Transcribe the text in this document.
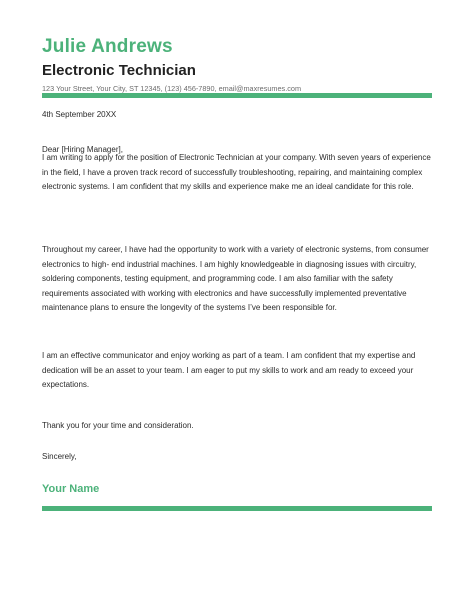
Julie Andrews
Electronic Technician
123 Your Street, Your City, ST 12345, (123) 456-7890, email@maxresumes.com
4th September 20XX
Dear [Hiring Manager],

I am writing to apply for the position of Electronic Technician at your company. With seven years of experience in the field, I have a proven track record of successfully troubleshooting, repairing, and maintaining complex electronic systems. I am confident that my skills and experience make me an ideal candidate for this role.

Throughout my career, I have had the opportunity to work with a variety of electronic systems, from consumer electronics to high- end industrial machines. I am highly knowledgeable in diagnosing issues with circuitry, soldering components, testing equipment, and programming code. I am also familiar with the safety requirements associated with working with electronics and have successfully implemented preventative maintenance plans to ensure the longevity of the systems I’ve been responsible for.

I am an effective communicator and enjoy working as part of a team. I am confident that my expertise and dedication will be an asset to your team. I am eager to put my skills to work and am ready to exceed your expectations.

Thank you for your time and consideration.

Sincerely,
Your Name
